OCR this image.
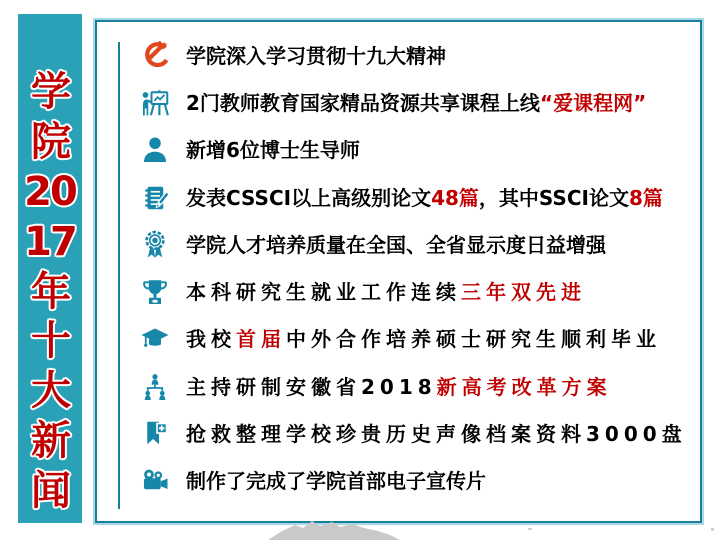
学
院
20
17
年
十
大
新
闻
学院深入学习贯彻十九大精神
2门教师教育国家精品资源共享课程上线“爱课程网”
新增6位博士生导师
发表CSSCI以上高级别论文48篇，其中SSCI论文8篇
学院人才培养质量在全国、全省显示度日益增强
本科研究生就业工作连续三年双先进
我校首届中外合作培养硕士研究生顺利毕业
主持研制安徽省2018新高考改革方案
抢救整理学校珍贵历史声像档案资料3000盘
制作了完成了学院首部电子宣传片
